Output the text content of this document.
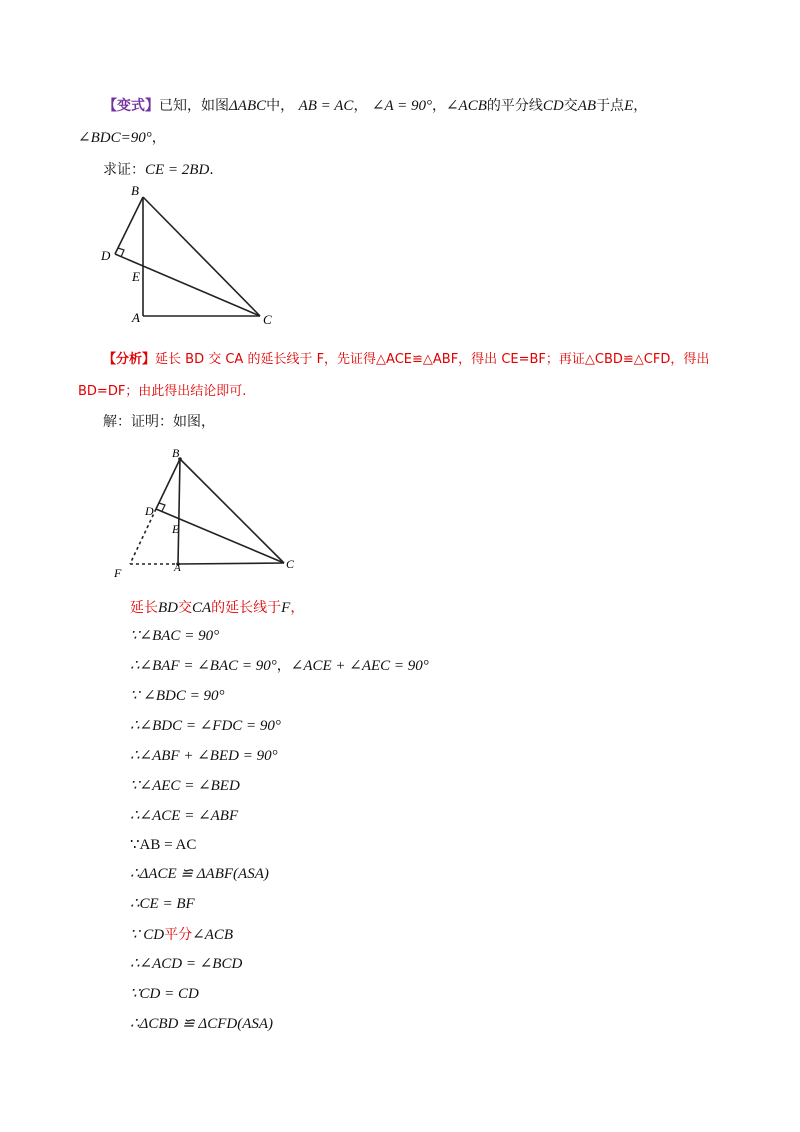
【变式】已知，如图ΔABC中， AB = AC， ∠A = 90°，∠ACB的平分线CD交AB于点E，
∠BDC=90°，
求证：CE = 2BD.
B
D
E
A	C
【分析】延长 BD 交 CA 的延长线于 F，先证得△ACE≌△ABF，得出 CE=BF；再证△CBD≌△CFD，得出
BD=DF；由此得出结论即可.
解：证明：如图，
B
D
E
F	A	C
延长BD交CA的延长线于F，
∵∠BAC = 90°
∴∠BAF = ∠BAC = 90°，∠ACE + ∠AEC = 90°
∵ ∠BDC = 90°
∴∠BDC = ∠FDC = 90°
∴∠ABF + ∠BED = 90°
∵∠AEC = ∠BED
∴∠ACE = ∠ABF
∵AB = AC
∴ΔACE ≌ ΔABF(ASA)
∴CE = BF
∵ CD平分∠ACB
∴∠ACD = ∠BCD
∵CD = CD
∴ΔCBD ≌ ΔCFD(ASA)
